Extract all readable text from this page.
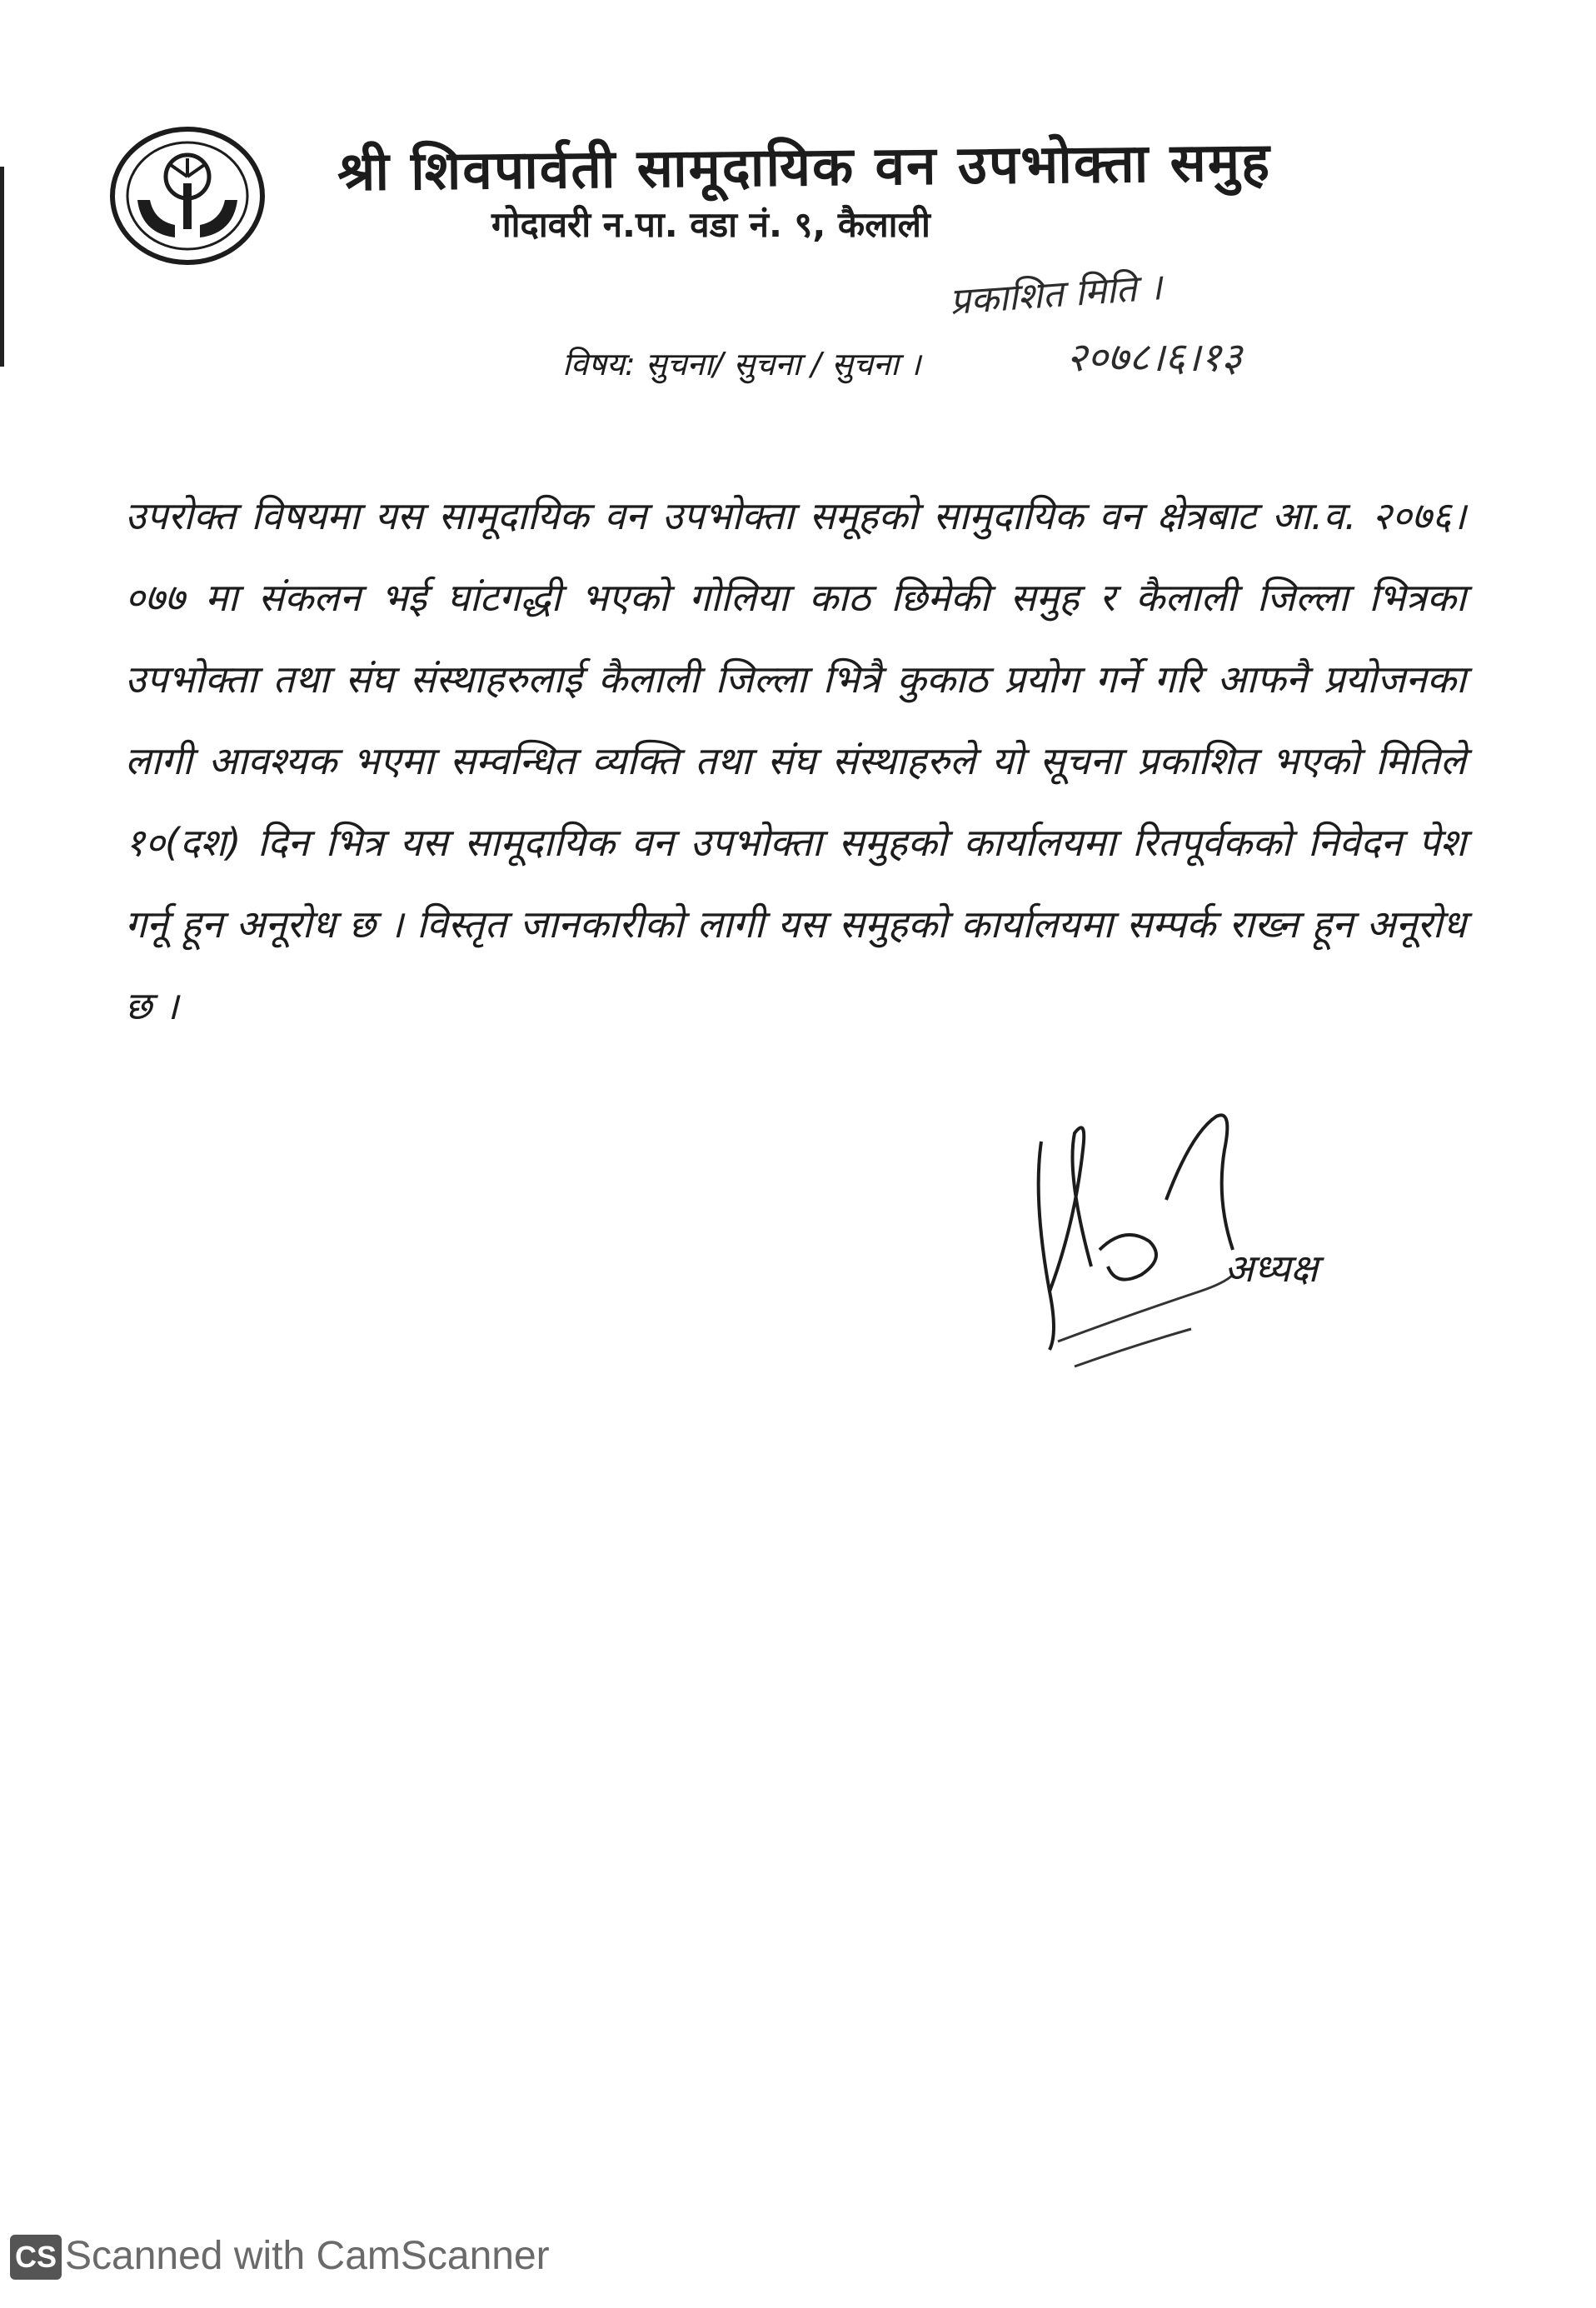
श्री शिवपार्वती सामूदायिक वन उपभोक्ता समुह
गोदावरी न.पा. वडा नं. ९, कैलाली
प्रकाशित मिति ।
विषय: सुचना/ सुचना / सुचना ।	२०७८।६।१३
उपरोक्त विषयमा यस सामूदायिक वन उपभोक्ता समूहको सामुदायिक वन क्षेत्रबाट आ.व. २०७६।०७७ मा संकलन भई घांटगद्धी भएको गोलिया काठ छिमेकी समुह र कैलाली जिल्ला भित्रका उपभोक्ता तथा संघ संस्थाहरुलाई कैलाली जिल्ला भित्रै कुकाठ प्रयोग गर्ने गरि आफनै प्रयोजनका लागी आवश्यक भएमा सम्वन्धित व्यक्ति तथा संघ संस्थाहरुले यो सूचना प्रकाशित भएको मितिले १०(दश) दिन भित्र यस सामूदायिक वन उपभोक्ता समुहको कार्यालयमा रितपूर्वकको निवेदन पेश गर्नू हून अनूरोध छ । विस्तृत जानकारीको लागी यस समुहको कार्यालयमा सम्पर्क राख्न हून अनूरोध छ ।
अध्यक्ष
CS Scanned with CamScanner
